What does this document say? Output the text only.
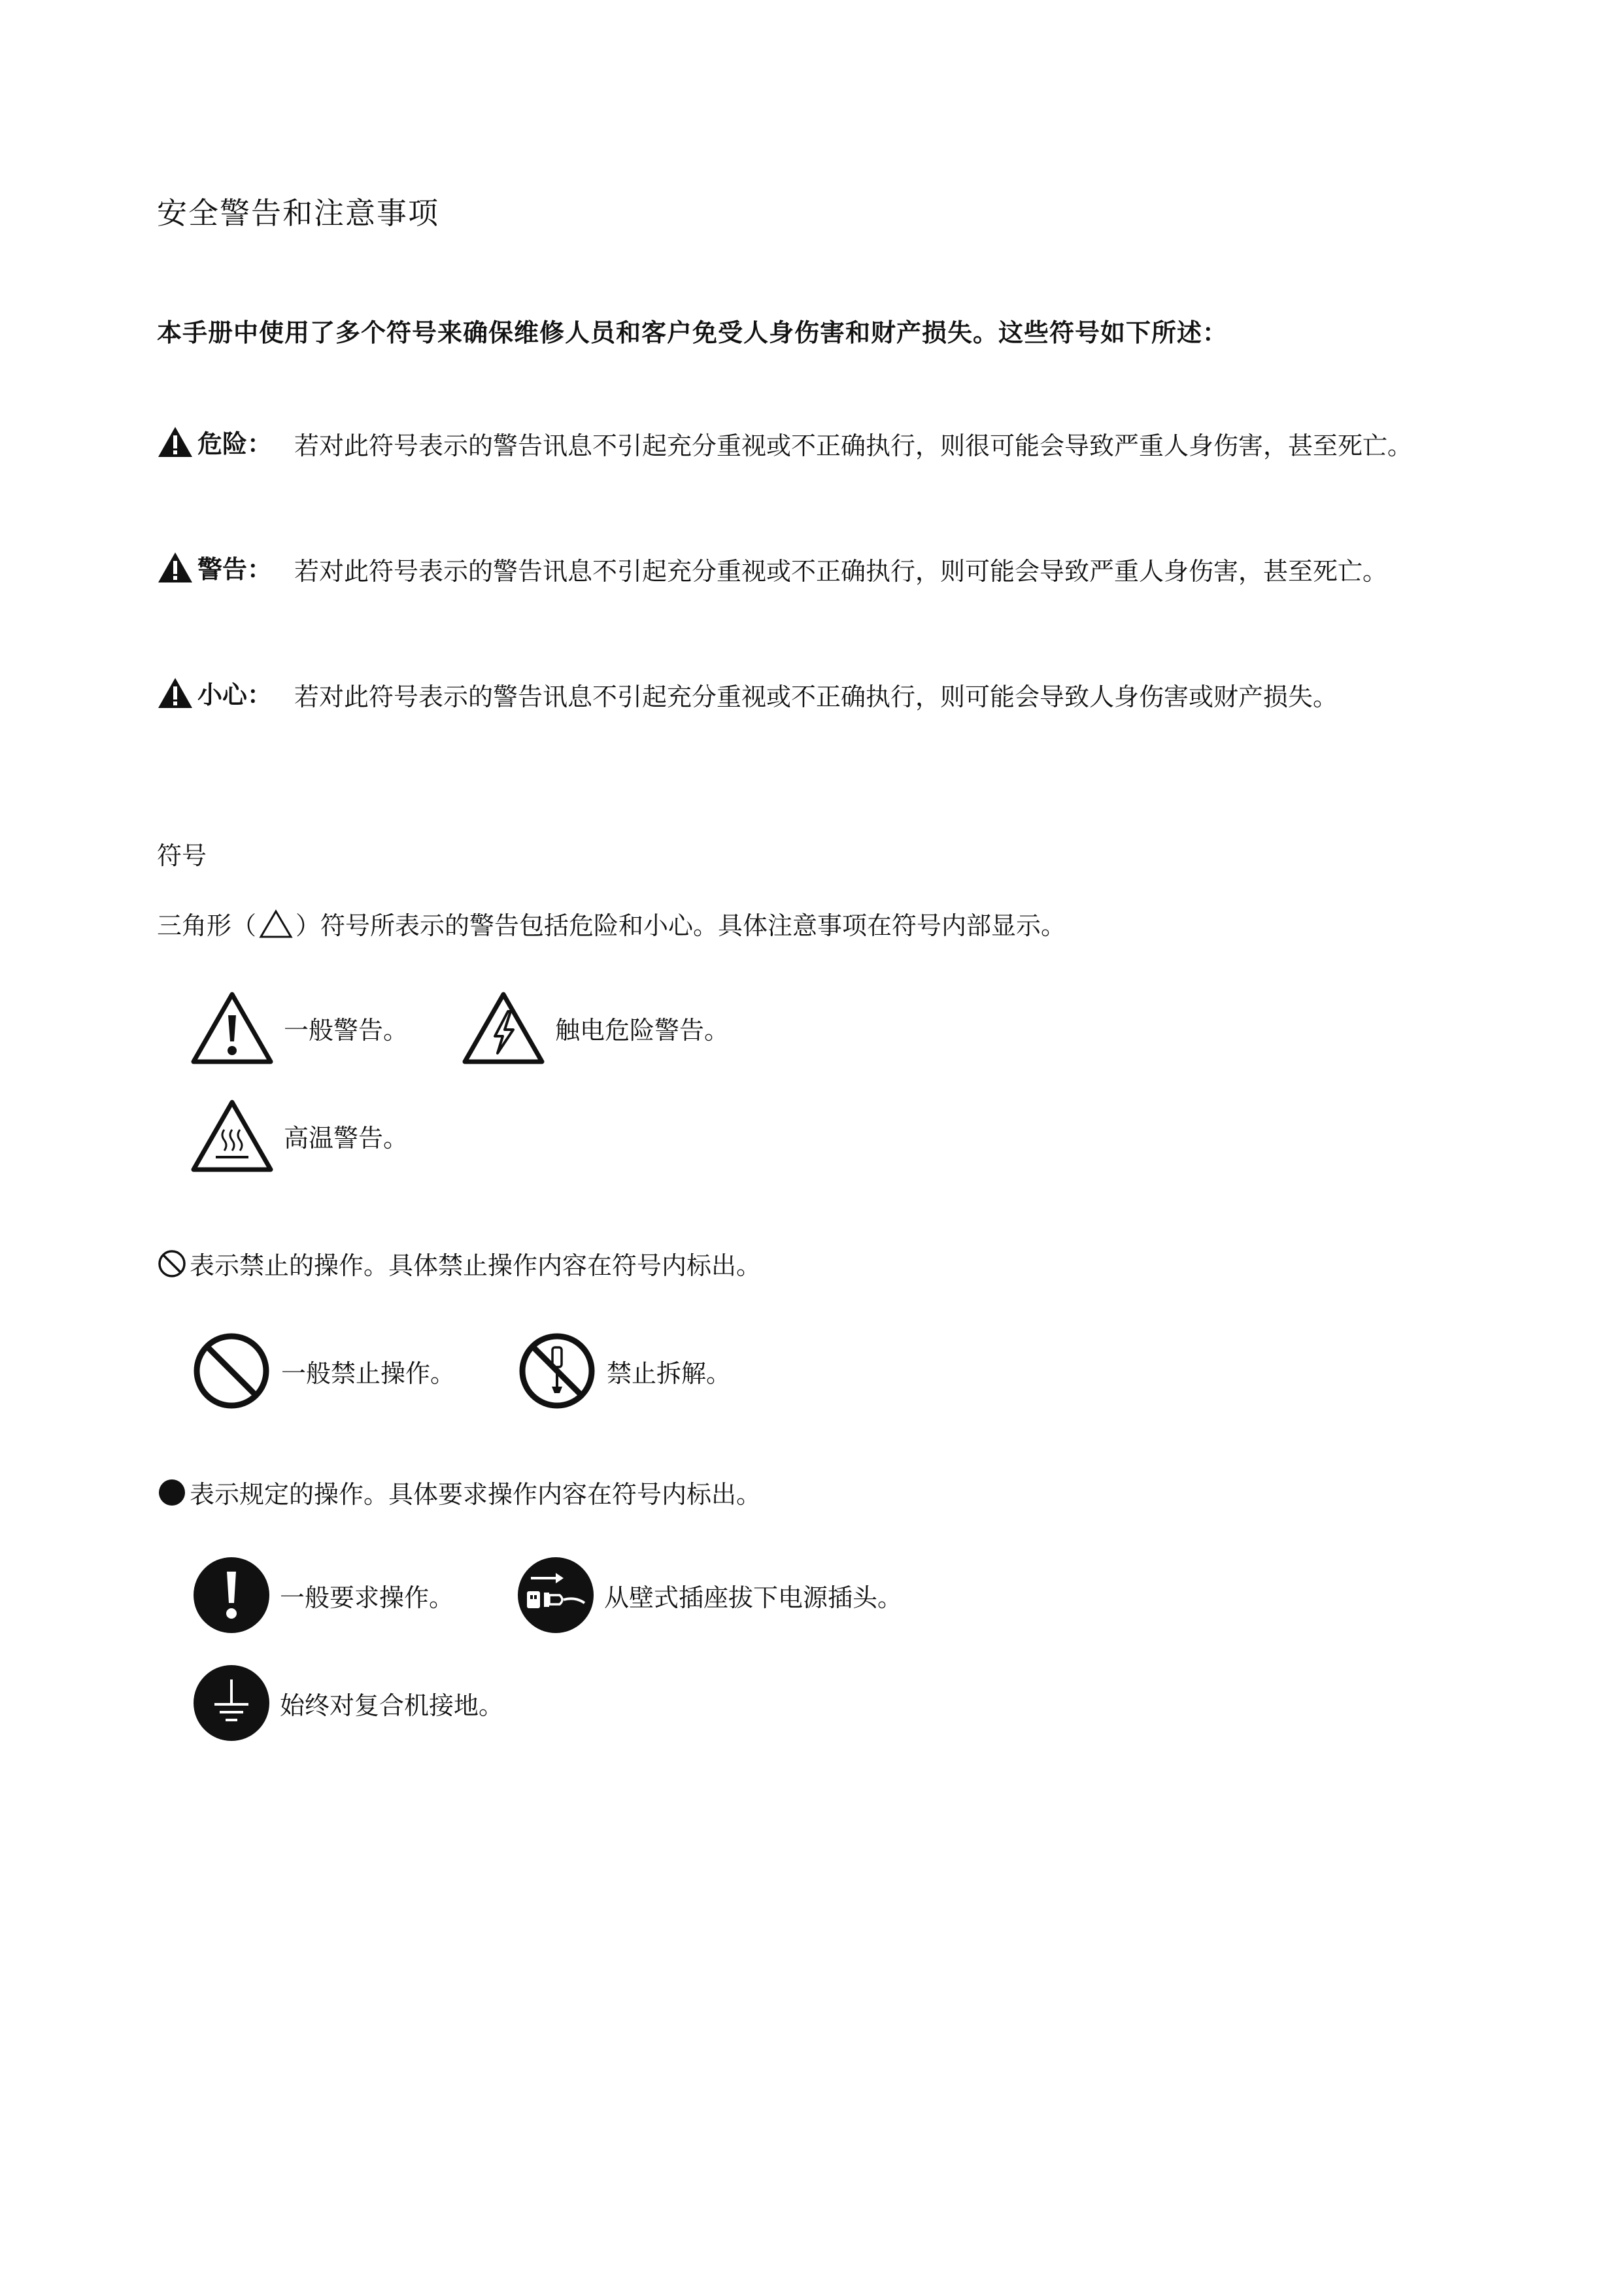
安全警告和注意事项
本手册中使用了多个符号来确保维修人员和客户免受人身伤害和财产损失。这些符号如下所述：
危险： 若对此符号表示的警告讯息不引起充分重视或不正确执行，则很可能会导致严重人身伤害，甚至死亡。
警告： 若对此符号表示的警告讯息不引起充分重视或不正确执行，则可能会导致严重人身伤害，甚至死亡。
小心： 若对此符号表示的警告讯息不引起充分重视或不正确执行，则可能会导致人身伤害或财产损失。
符号
三角形（ ）符号所表示的警告包括危险和小心。具体注意事项在符号内部显示。
一般警告。	触电危险警告。
高温警告。
表示禁止的操作。具体禁止操作内容在符号内标出。
一般禁止操作。	禁止拆解。
表示规定的操作。具体要求操作内容在符号内标出。
一般要求操作。	从壁式插座拔下电源插头。
始终对复合机接地。
